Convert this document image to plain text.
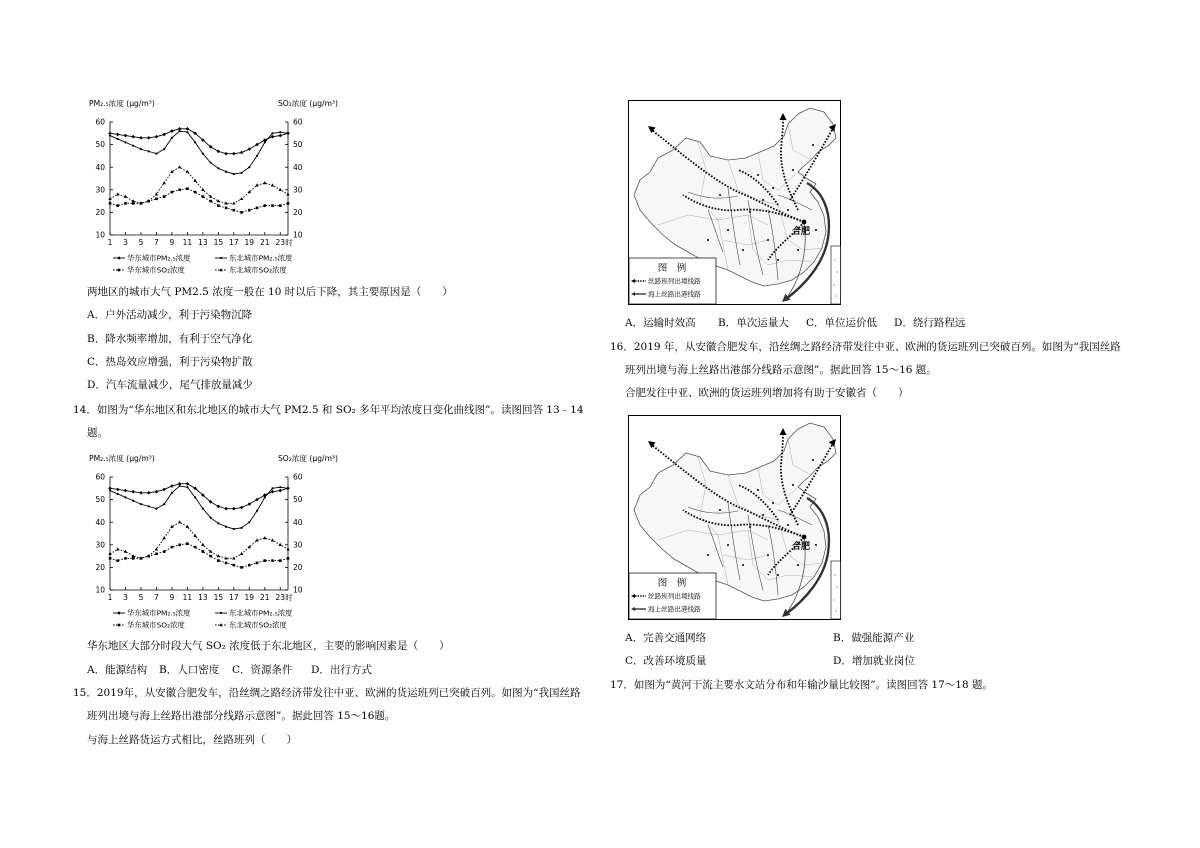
PM₂.₅浓度 (μg/m³)	SO₂浓度 (μg/m³)
10	10
20	20
30	30
40	40
50	50
60	60
1 3 5 7 9 11 13 15 17 19 21 23 时
华东城市PM₂.₅浓度	东北城市PM₂.₅浓度
华东城市SO₂浓度	东北城市SO₂浓度
两地区的城市大气 PM2.5 浓度一般在 10 时以后下降，其主要原因是（　　）
A．户外活动减少，利于污染物沉降
B．降水频率增加，有利于空气净化
C．热岛效应增强，利于污染物扩散
D．汽车流量减少，尾气排放量减少
14．如图为“华东地区和东北地区的城市大气 PM2.5 和 SO₂ 多年平均浓度日变化曲线图”。读图回答 13﹣14
题。
PM₂.₅浓度 (μg/m³)	SO₂浓度 (μg/m³)
10	10
20	20
30	30
40	40
50	50
60	60
1 3 5 7 9 11 13 15 17 19 21 23 时
华东城市PM₂.₅浓度	东北城市PM₂.₅浓度
华东城市SO₂浓度	东北城市SO₂浓度
华东地区大部分时段大气 SO₂ 浓度低于东北地区，主要的影响因素是（　　）
A．能源结构 B．人口密度 C．资源条件 D．出行方式
15．2019年，从安徽合肥发车，沿丝绸之路经济带发往中亚、欧洲的货运班列已突破百列。如图为“我国丝路
班列出境与海上丝路出港部分线路示意图”。据此回答 15～16题。
与海上丝路货运方式相比，丝路班列（　　）
合肥
图　例
丝路班列出境线路
海上丝路出港线路
A．运输时效高 B．单次运量大 C．单位运价低 D．绕行路程远
16．2019 年，从安徽合肥发车，沿丝绸之路经济带发往中亚、欧洲的货运班列已突破百列。如图为“我国丝路
班列出境与海上丝路出港部分线路示意图”。据此回答 15～16 题。
合肥发往中亚、欧洲的货运班列增加将有助于安徽省（　　）
合肥
图　例
丝路班列出境线路
海上丝路出港线路
A．完善交通网络	B．做强能源产业
C．改善环境质量	D．增加就业岗位
17．如图为“黄河干流主要水文站分布和年输沙量比较图”。读图回答 17～18 题。
